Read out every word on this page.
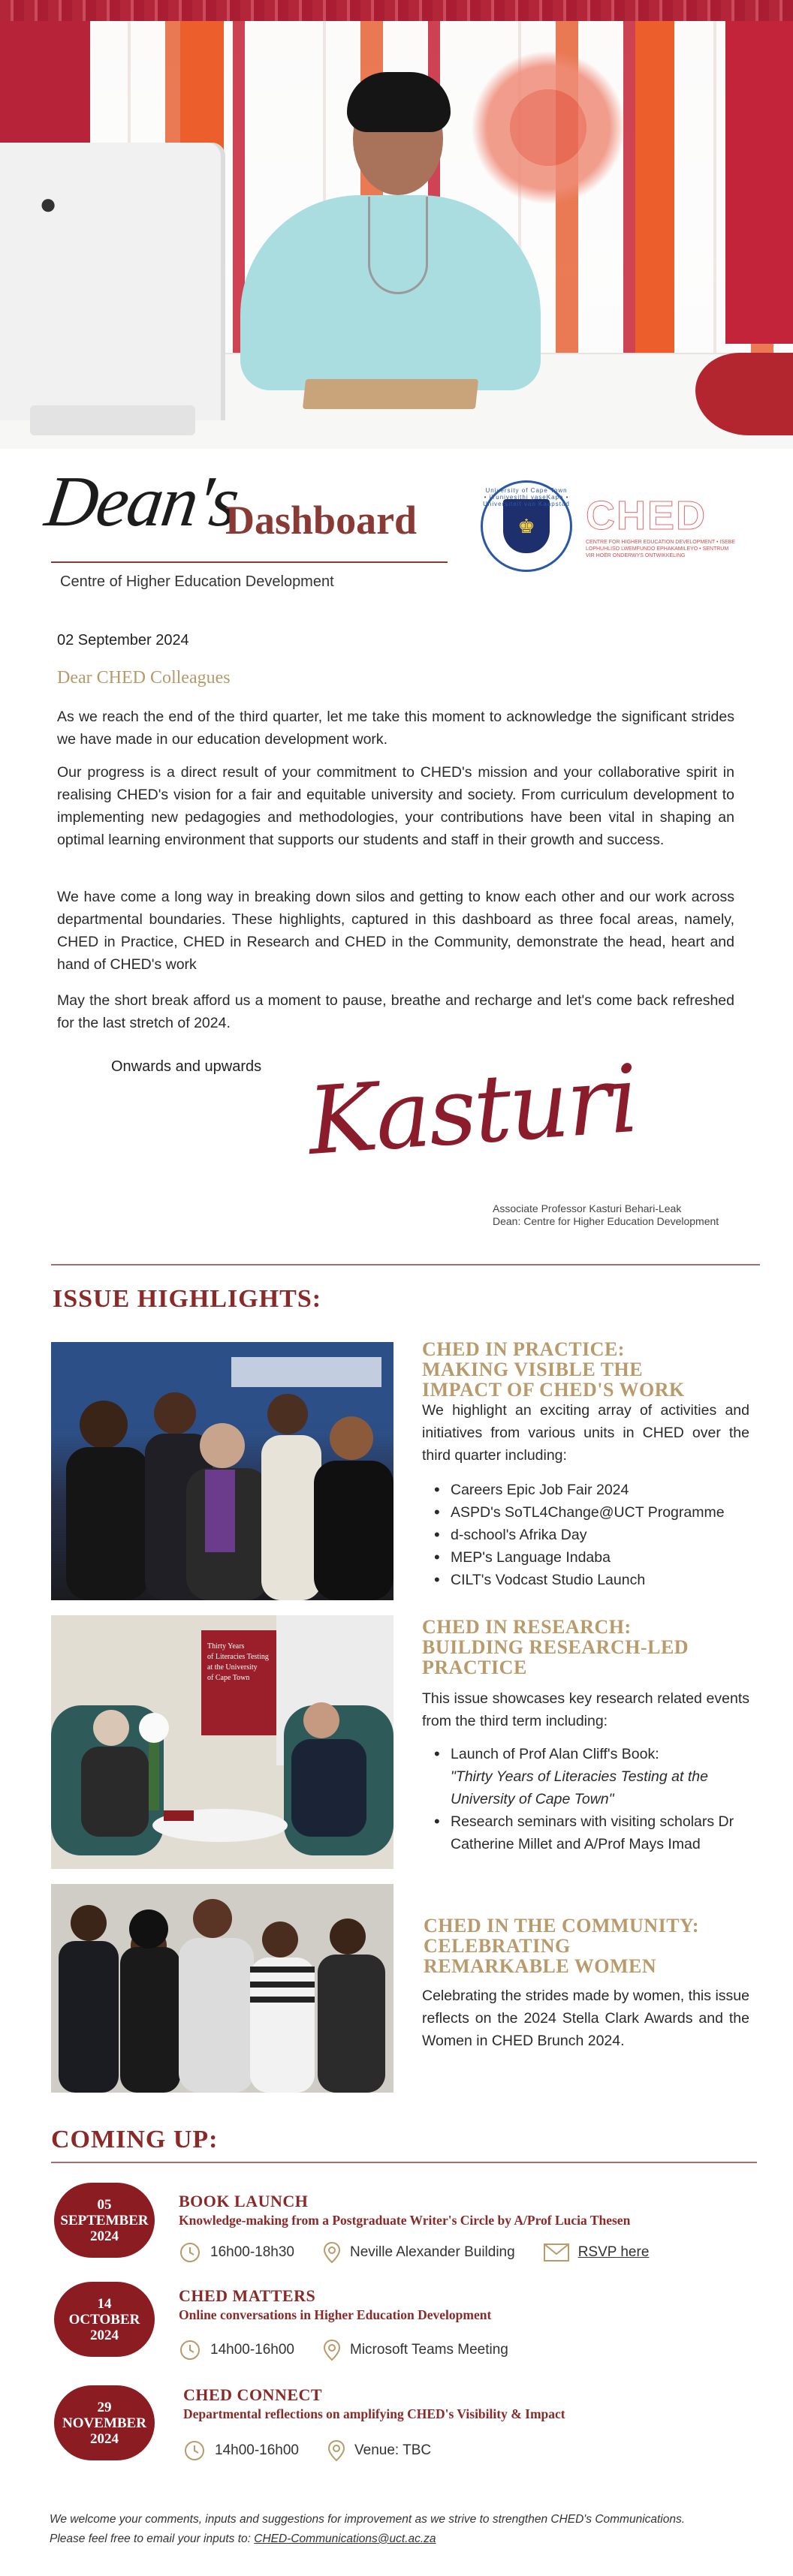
●
Dean's
Dashboard
Centre of Higher Education Development
University of Cape Town • iYunivesithi yaseKapa • Universiteit van Kaapstad
♚	CHED
CENTRE FOR HIGHER EDUCATION DEVELOPMENT • ISEBE LOPHUHLISO LWEMFUNDO EPHAKAMILEYO • SENTRUM VIR HOËR ONDERWYS ONTWIKKELING
02 September 2024
Dear CHED Colleagues

As we reach the end of the third quarter, let me take this moment to acknowledge the significant strides we have made in our education development work.

Our progress is a direct result of your commitment to CHED's mission and your collaborative spirit in realising CHED's vision for a fair and equitable university and society. From curriculum development to implementing new pedagogies and methodologies, your contributions have been vital in shaping an optimal learning environment that supports our students and staff in their growth and success.

We have come a long way in breaking down silos and getting to know each other and our work across departmental boundaries. These highlights, captured in this dashboard as three focal areas, namely, CHED in Practice, CHED in Research and CHED in the Community, demonstrate the head, heart and hand of CHED's work

May the short break afford us a moment to pause, breathe and recharge and let's come back refreshed for the last stretch of 2024.

Onwards and upwards Kasturi
Associate Professor Kasturi Behari-Leak
Dean: Centre for Higher Education Development
ISSUE HIGHLIGHTS:
CHED IN PRACTICE:
MAKING VISIBLE THE
IMPACT OF CHED'S WORK

We highlight an exciting array of activities and initiatives from various units in CHED over the third quarter including:

• Careers Epic Job Fair 2024
• ASPD's SoTL4Change@UCT Programme
• d-school's Afrika Day
• MEP's Language Indaba
• CILT's Vodcast Studio Launch
Thirty Years
of Literacies Testing
at the University
of Cape Town
CHED IN RESEARCH:
BUILDING RESEARCH-LED
PRACTICE

This issue showcases key research related events from the third term including:

• Launch of Prof Alan Cliff's Book:
"Thirty Years of Literacies Testing at the University of Cape Town"
• Research seminars with visiting scholars Dr Catherine Millet and A/Prof Mays Imad
CHED IN THE COMMUNITY:
CELEBRATING
REMARKABLE WOMEN

Celebrating the strides made by women, this issue reflects on the 2024 Stella Clark Awards and the Women in CHED Brunch 2024.

COMING UP:
05
SEPTEMBER
2024
BOOK LAUNCH
Knowledge-making from a Postgraduate Writer's Circle by A/Prof Lucia Thesen
16h00-18h30	Neville Alexander Building	RSVP here
14
OCTOBER
2024
CHED MATTERS
Online conversations in Higher Education Development
14h00-16h00	Microsoft Teams Meeting
29
NOVEMBER
2024
CHED CONNECT
Departmental reflections on amplifying CHED's Visibility & Impact
14h00-16h00	Venue: TBC
We welcome your comments, inputs and suggestions for improvement as we strive to strengthen CHED's Communications.
Please feel free to email your inputs to: CHED-Communications@uct.ac.za
